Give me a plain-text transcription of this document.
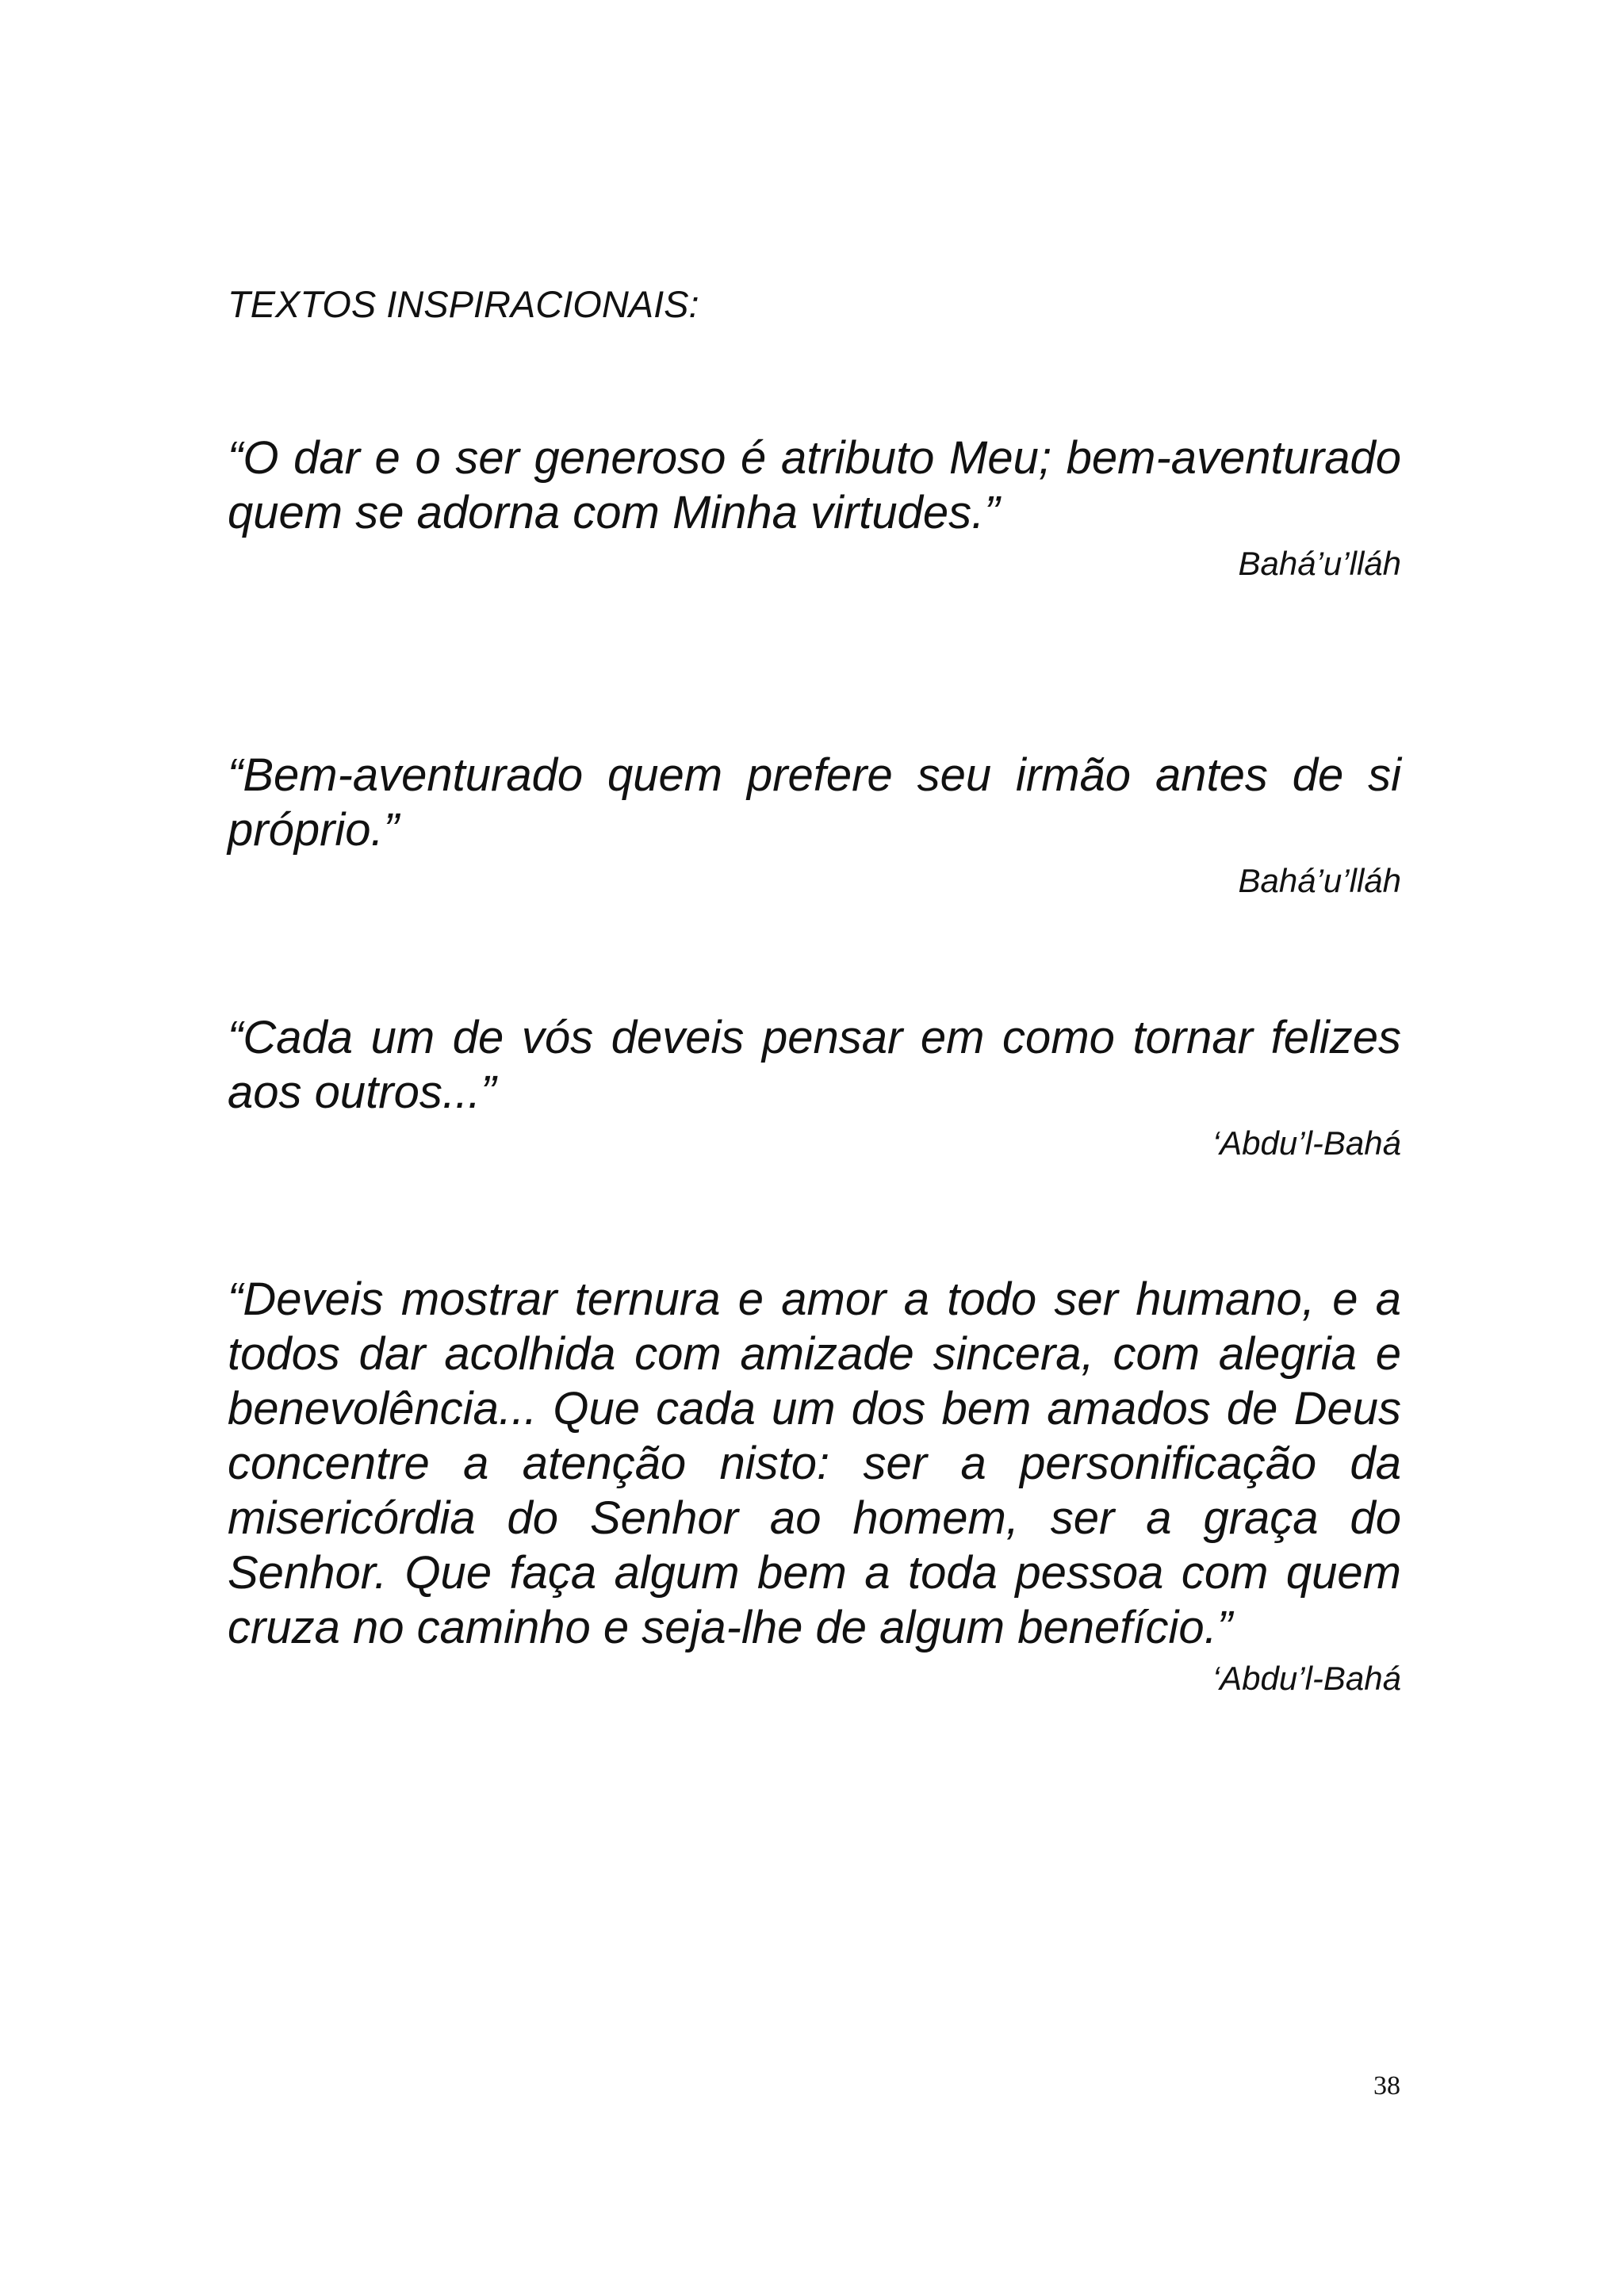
TEXTOS INSPIRACIONAIS:

“O dar e o ser generoso é atributo Meu; bem-aventurado quem se adorna com Minha virtudes.”

Bahá’u’lláh

“Bem-aventurado quem prefere seu irmão antes de si próprio.”

Bahá’u’lláh

“Cada um de vós deveis pensar em como tornar felizes aos outros...”

‘Abdu’l-Bahá

“Deveis mostrar ternura e amor a todo ser humano, e a todos dar acolhida com amizade sincera, com alegria e benevolência... Que cada um dos bem amados de Deus concentre a atenção nisto: ser a personificação da misericórdia do Senhor ao homem, ser a graça do Senhor. Que faça algum bem a toda pessoa com quem cruza no caminho e seja-lhe de algum benefício.”

‘Abdu’l-Bahá

38
